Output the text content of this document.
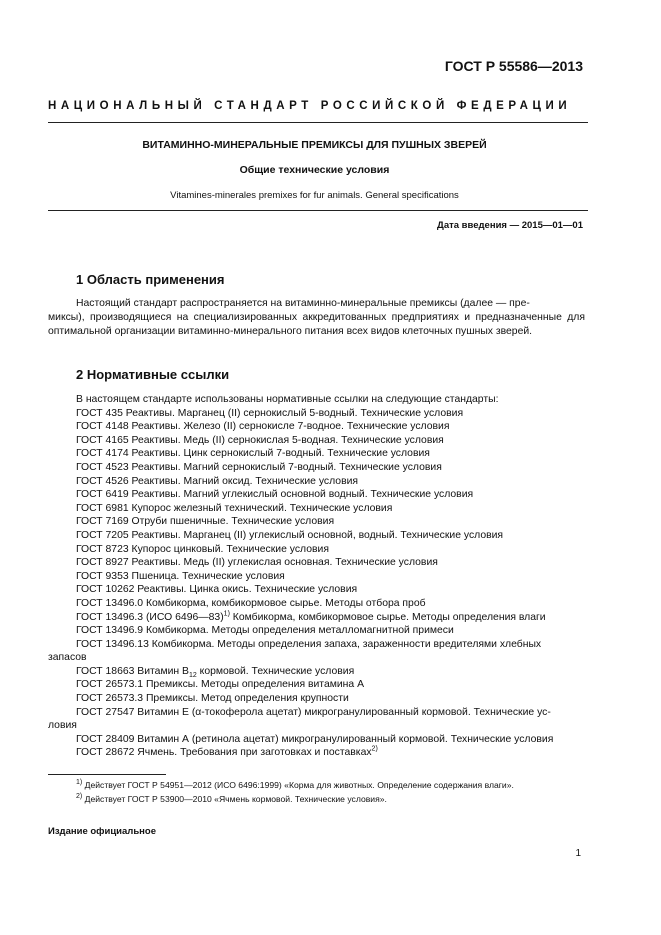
ГОСТ Р 55586—2013
НАЦИОНАЛЬНЫЙ СТАНДАРТ РОССИЙСКОЙ ФЕДЕРАЦИИ
ВИТАМИННО-МИНЕРАЛЬНЫЕ ПРЕМИКСЫ ДЛЯ ПУШНЫХ ЗВЕРЕЙ
Общие технические условия
Vitamines-minerales premixes for fur animals. General specifications
Дата введения — 2015—01—01
1 Область применения
Настоящий стандарт распространяется на витаминно-минеральные премиксы (далее — пре-
миксы), производящиеся на специализированных аккредитованных предприятиях и предназначенные для оптимальной организации витаминно-минерального питания всех видов клеточных пушных зверей.
2 Нормативные ссылки
В настоящем стандарте использованы нормативные ссылки на следующие стандарты:
ГОСТ 435 Реактивы. Марганец (II) сернокислый 5-водный. Технические условия
ГОСТ 4148 Реактивы. Железо (II) сернокисле 7-водное. Технические условия
ГОСТ 4165 Реактивы. Медь (II) сернокислая 5-водная. Технические условия
ГОСТ 4174 Реактивы. Цинк сернокислый 7-водный. Технические условия
ГОСТ 4523 Реактивы. Магний сернокислый 7-водный. Технические условия
ГОСТ 4526 Реактивы. Магний оксид. Технические условия
ГОСТ 6419 Реактивы. Магний углекислый основной водный. Технические условия
ГОСТ 6981 Купорос железный технический. Технические условия
ГОСТ 7169 Отруби пшеничные. Технические условия
ГОСТ 7205 Реактивы. Марганец (II) углекислый основной, водный. Технические условия
ГОСТ 8723 Купорос цинковый. Технические условия
ГОСТ 8927 Реактивы. Медь (II) углекислая основная. Технические условия
ГОСТ 9353 Пшеница. Технические условия
ГОСТ 10262 Реактивы. Цинка окись. Технические условия
ГОСТ 13496.0 Комбикорма, комбикормовое сырье. Методы отбора проб
ГОСТ 13496.3 (ИСО 6496—83)$^{1)}$ Комбикорма, комбикормовое сырье. Методы определения влаги
ГОСТ 13496.9 Комбикорма. Методы определения металломагнитной примеси
ГОСТ 13496.13 Комбикорма. Методы определения запаха, зараженности вредителями хлебных
запасов
ГОСТ 18663 Витамин $B_{12}$ кормовой. Технические условия
ГОСТ 26573.1 Премиксы. Методы определения витамина А
ГОСТ 26573.3 Премиксы. Метод определения крупности
ГОСТ 27547 Витамин Е (α-токоферола ацетат) микрогранулированный кормовой. Технические ус-
ловия
ГОСТ 28409 Витамин А (ретинола ацетат) микрогранулированный кормовой. Технические условия
ГОСТ 28672 Ячмень. Требования при заготовках и поставках$^{2)}$
$^{1)}$ Действует ГОСТ Р 54951—2012 (ИСО 6496:1999) «Корма для животных. Определение содержания влаги».
$^{2)}$ Действует ГОСТ Р 53900—2010 «Ячмень кормовой. Технические условия».
Издание официальное
1
